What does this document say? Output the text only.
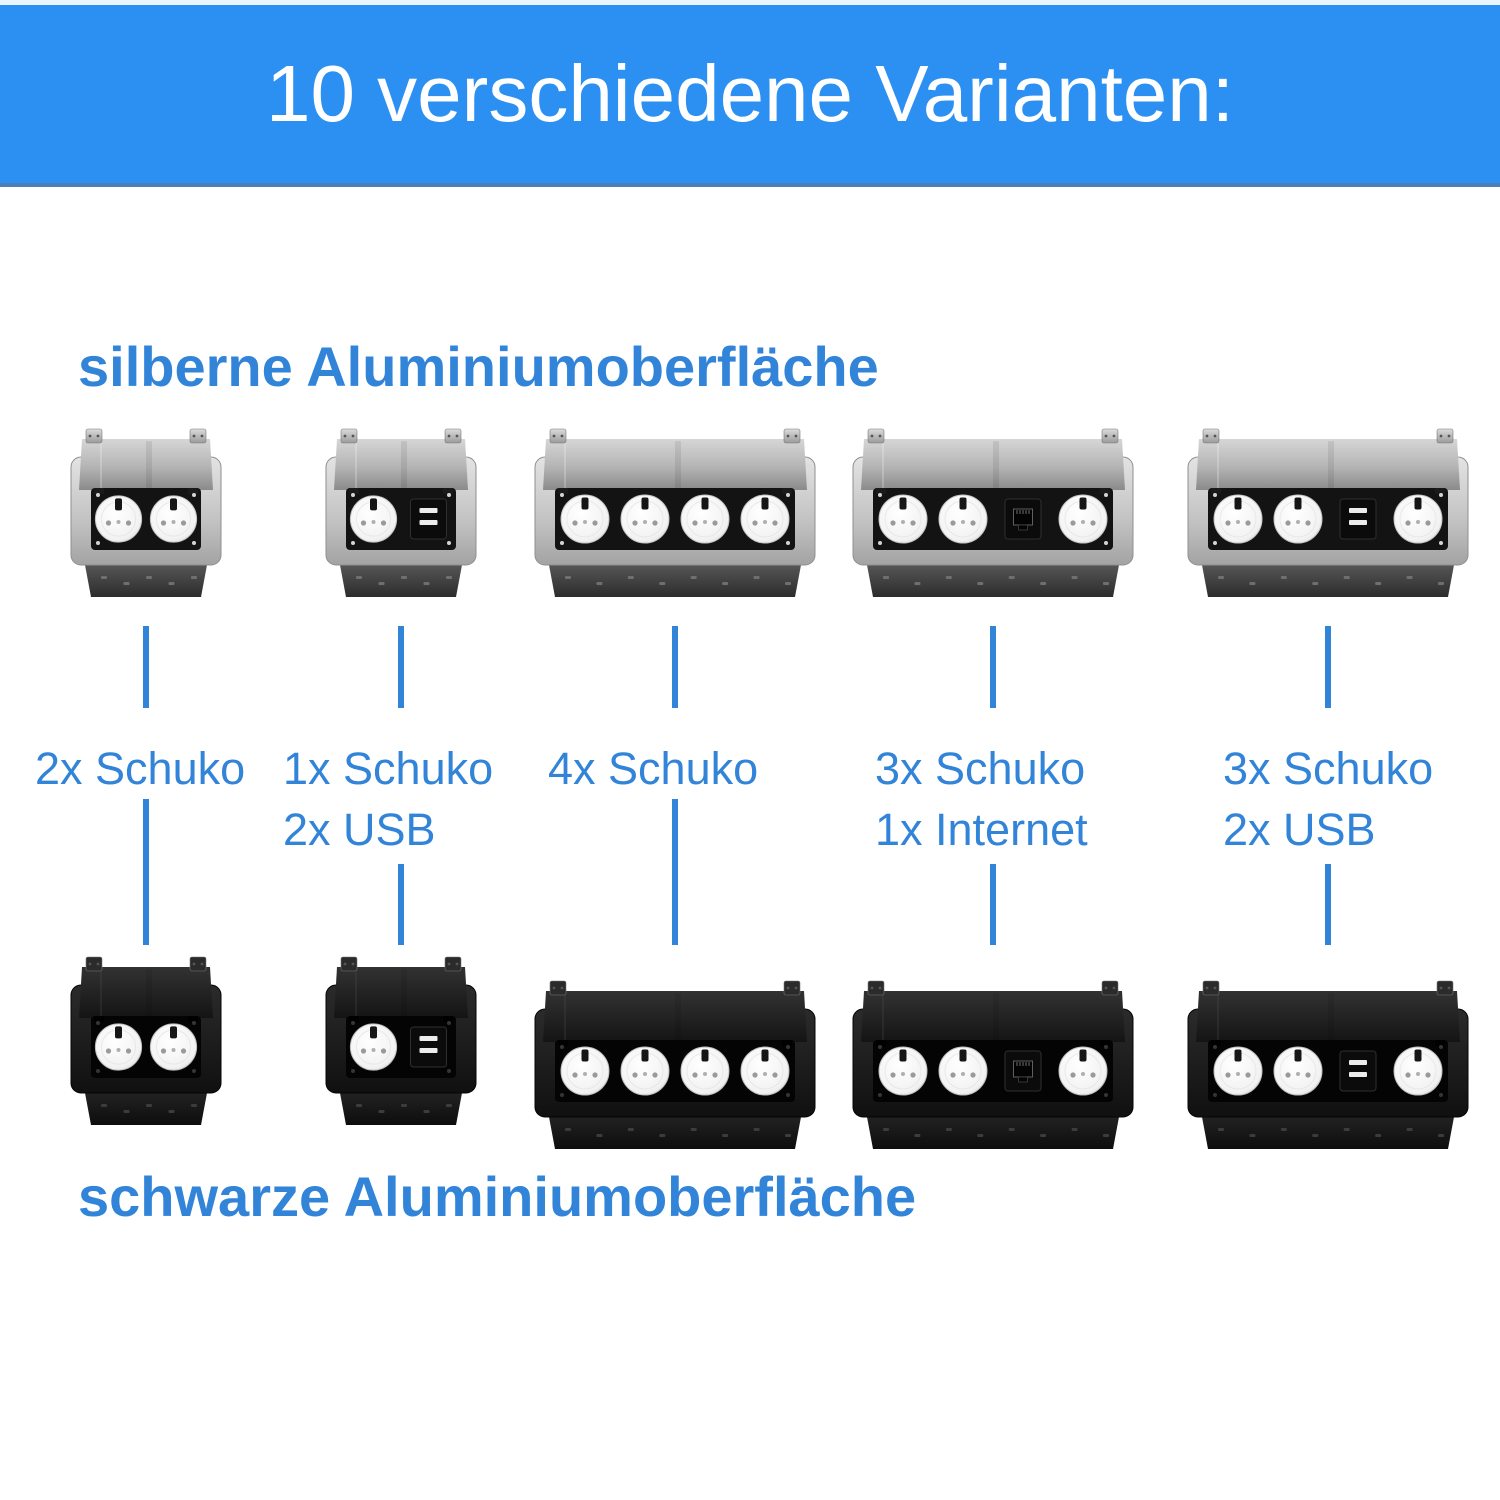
10 verschiedene Varianten:
silberne Aluminiumoberfläche
schwarze Aluminiumoberfläche
2x Schuko 1x Schuko
2x USB
4x Schuko	3x Schuko
1x Internet
3x Schuko
2x USB
